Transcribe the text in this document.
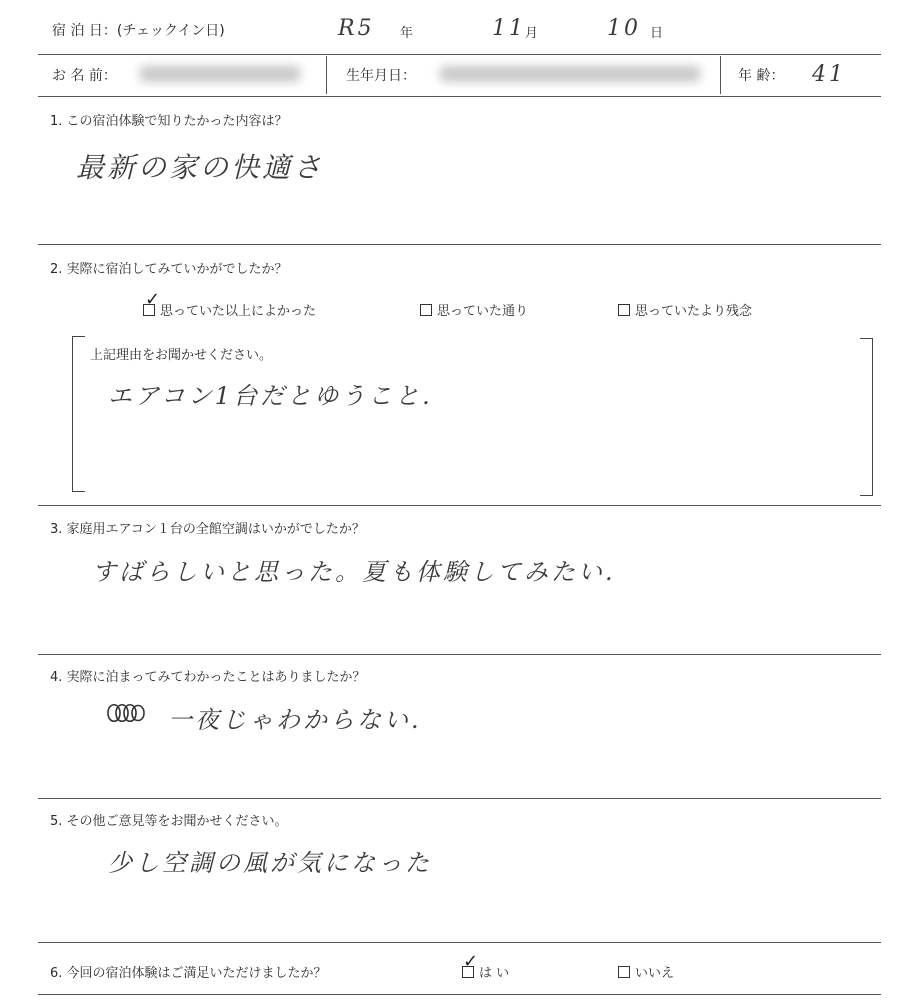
宿 泊 日：(チェックイン日)	R5 年	11 月	10 日
お 名 前：	生年月日：	年 齢： 41
1. この宿泊体験で知りたかった内容は？
最新の家の快適さ
2. 実際に宿泊してみていかがでしたか？
思っていた以上によかった
✓
思っていた通り	思っていたより残念
上記理由をお聞かせください。
エアコン1台だとゆうこと.
3. 家庭用エアコン１台の全館空調はいかがでしたか？
すばらしいと思った。夏も体験してみたい.
4. 実際に泊まってみてわかったことはありましたか？
一夜じゃわからない.
5. その他ご意見等をお聞かせください。
少し空調の風が気になった
6. 今回の宿泊体験はご満足いただけましたか？	は い
✓
いいえ
